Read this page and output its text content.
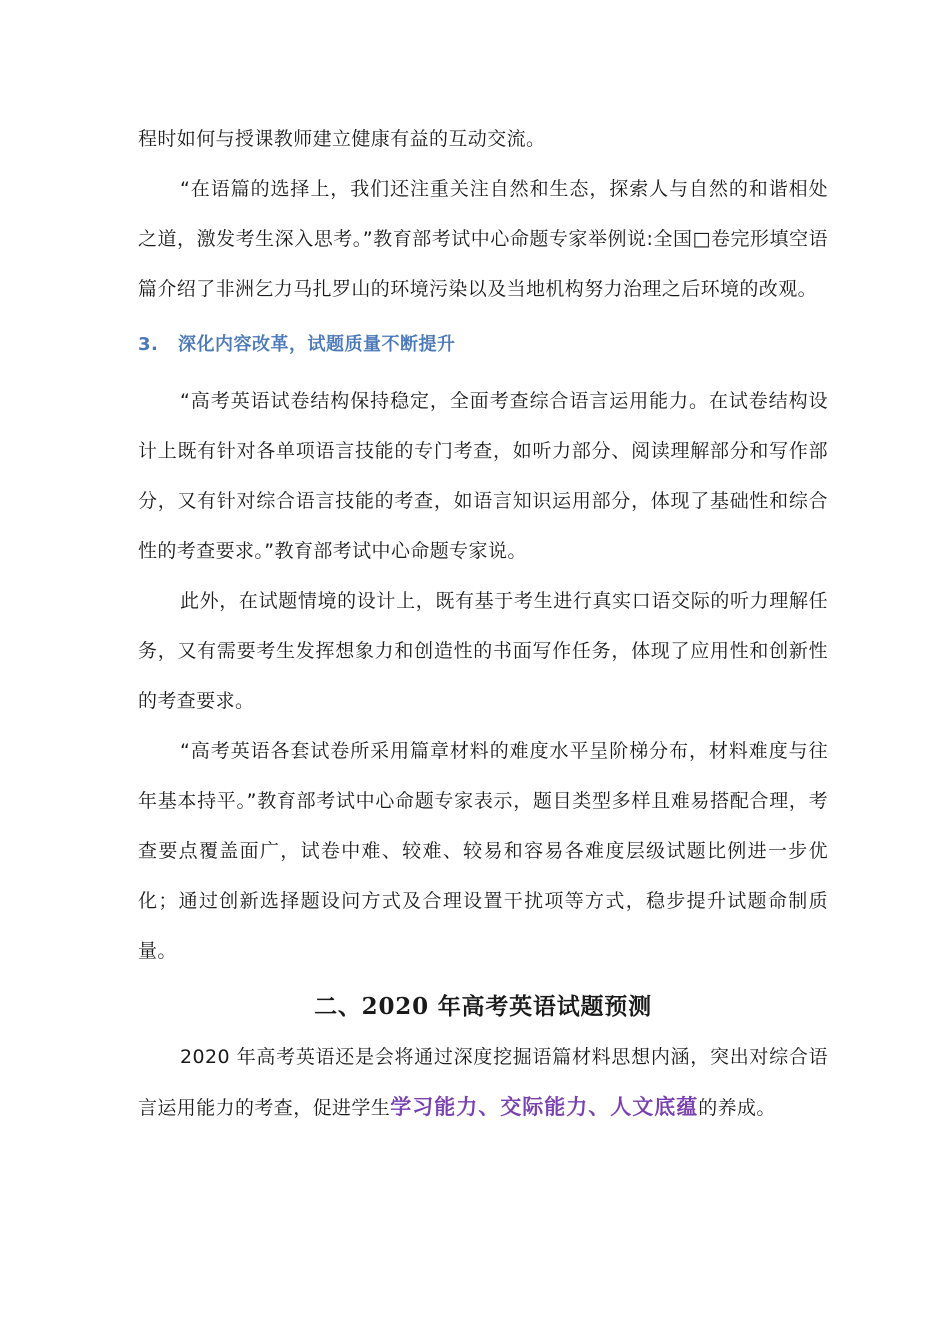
程时如何与授课教师建立健康有益的互动交流。

“在语篇的选择上，我们还注重关注自然和生态，探索人与自然的和谐相处之道，激发考生深入思考。”教育部考试中心命题专家举例说:全国□卷完形填空语篇介绍了非洲乞力马扎罗山的环境污染以及当地机构努力治理之后环境的改观。

3.	深化内容改革，试题质量不断提升

“高考英语试卷结构保持稳定，全面考查综合语言运用能力。在试卷结构设计上既有针对各单项语言技能的专门考查，如听力部分、阅读理解部分和写作部分，又有针对综合语言技能的考查，如语言知识运用部分，体现了基础性和综合性的考查要求。”教育部考试中心命题专家说。

此外，在试题情境的设计上，既有基于考生进行真实口语交际的听力理解任务，又有需要考生发挥想象力和创造性的书面写作任务，体现了应用性和创新性的考查要求。

“高考英语各套试卷所采用篇章材料的难度水平呈阶梯分布，材料难度与往年基本持平。”教育部考试中心命题专家表示，题目类型多样且难易搭配合理，考查要点覆盖面广，试卷中难、较难、较易和容易各难度层级试题比例进一步优化；通过创新选择题设问方式及合理设置干扰项等方式，稳步提升试题命制质量。

二、2020 年高考英语试题预测

2020 年高考英语还是会将通过深度挖掘语篇材料思想内涵，突出对综合语言运用能力的考查，促进学生学习能力、交际能力、人文底蕴的养成。
